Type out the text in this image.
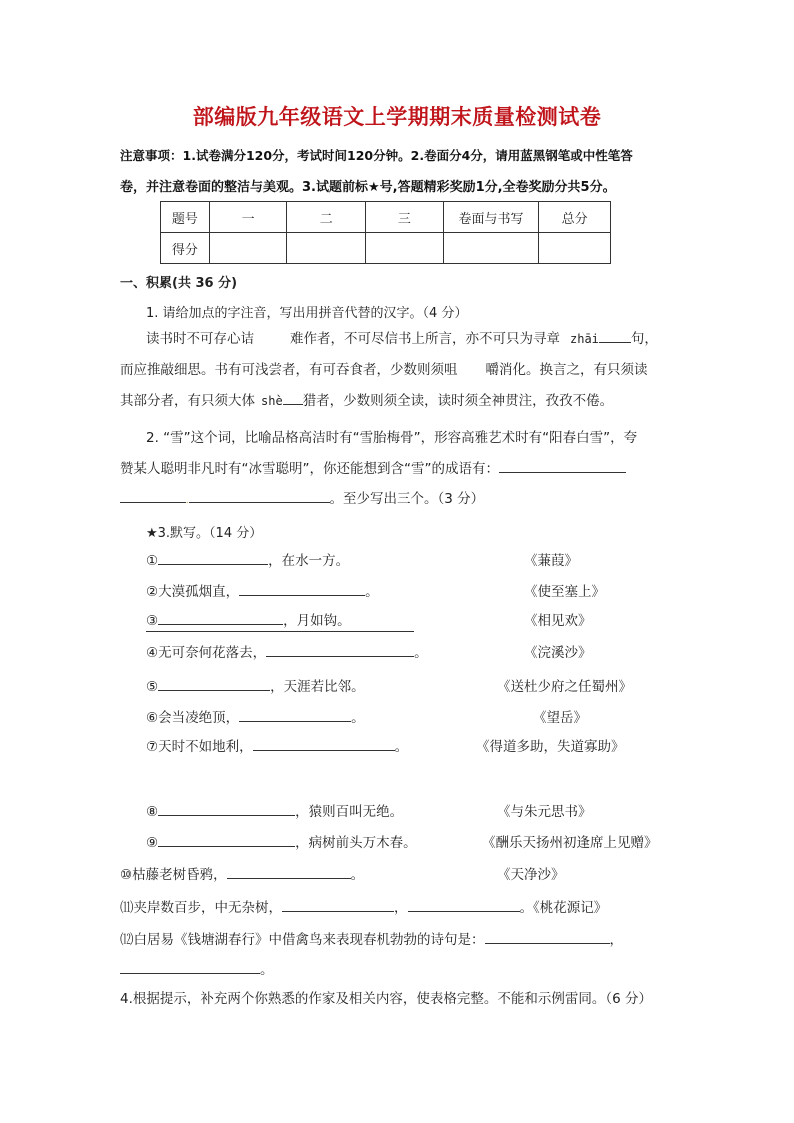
部编版九年级语文上学期期末质量检测试卷
注意事项：1.试卷满分120分，考试时间120分钟。2.卷面分4分，请用蓝黑钢笔或中性笔答
卷，并注意卷面的整洁与美观。3.试题前标★号,答题精彩奖励1分,全卷奖励分共5分。
题号	一	二	三	卷面与书写	总分
得分					
一、积累(共 36 分)
1. 请给加点的字注音，写出用拼音代替的汉字。（4 分）
读书时不可存心诘	难作者，不可尽信书上所言，亦不可只为寻章 zhāi 句，
而应推敲细思。书有可浅尝者，有可吞食者，少数则须咀 嚼消化。换言之，有只须读
其部分者，有只须大体 shè 猎者，少数则须全读，读时须全神贯注，孜孜不倦。
2. “雪”这个词，比喻品格高洁时有“雪胎梅骨”，形容高雅艺术时有“阳春白雪”，夸
赞某人聪明非凡时有“冰雪聪明”，你还能想到含“雪”的成语有：
.	。至少写出三个。（3 分）
★3.默写。（14 分）
①	，在水一方。	《蒹葭》
②大漠孤烟直，	。	《使至塞上》
③	，月如钩。	《相见欢》
④无可奈何花落去，	。	《浣溪沙》
⑤	，天涯若比邻。	《送杜少府之任蜀州》
⑥会当凌绝顶，	。	《望岳》
⑦天时不如地利，	。	《得道多助，失道寡助》
⑧	，猿则百叫无绝。	《与朱元思书》
⑨	，病树前头万木春。	《酬乐天扬州初逢席上见赠》
⑩枯藤老树昏鸦，	。	《天净沙》
⑾夹岸数百步，中无杂树，	，	。《桃花源记》
⑿白居易《钱塘湖春行》中借禽鸟来表现春机勃勃的诗句是：	，
。
4.根据提示，补充两个你熟悉的作家及相关内容，使表格完整。不能和示例雷同。（6 分）
